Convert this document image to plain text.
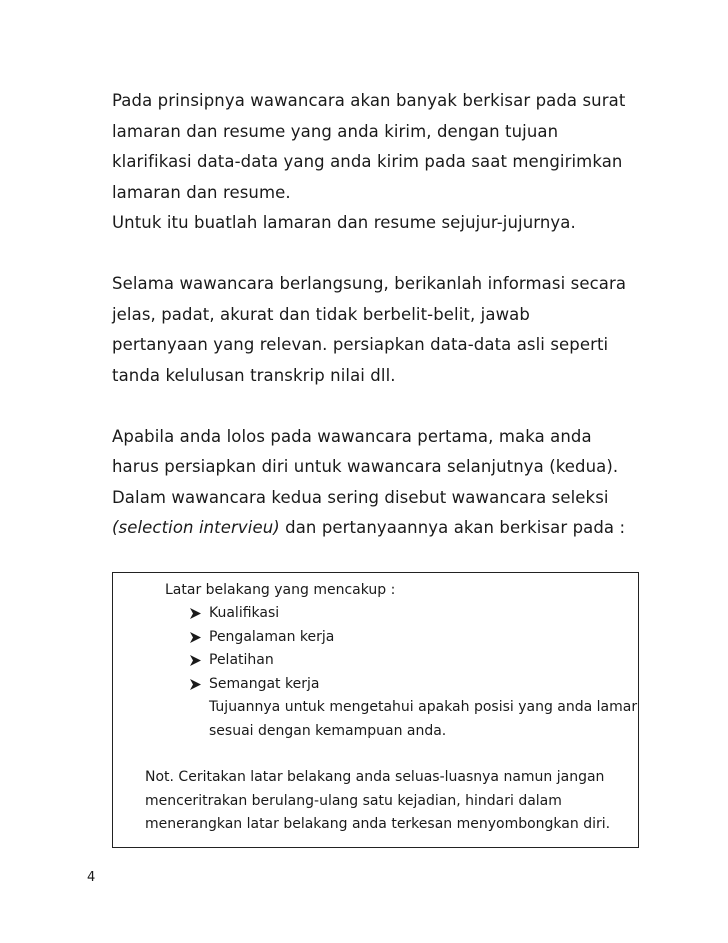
Pada prinsipnya wawancara akan banyak berkisar pada surat
lamaran dan resume yang anda kirim, dengan tujuan
klarifikasi data-data yang anda kirim pada saat mengirimkan
lamaran dan resume.
Untuk itu buatlah lamaran dan resume sejujur-jujurnya.
Selama wawancara berlangsung, berikanlah informasi secara
jelas, padat, akurat dan tidak berbelit-belit, jawab
pertanyaan yang relevan. persiapkan data-data asli seperti
tanda kelulusan transkrip nilai dll.
Apabila anda lolos pada wawancara pertama, maka anda
harus persiapkan diri untuk wawancara selanjutnya (kedua).
Dalam wawancara kedua sering disebut wawancara seleksi
(selection intervieu) dan pertanyaannya akan berkisar pada :
Latar belakang yang mencakup :
Kualifikasi
Pengalaman kerja
Pelatihan
Semangat kerja
Tujuannya untuk mengetahui apakah posisi yang anda lamar
sesuai dengan kemampuan anda.
Not. Ceritakan latar belakang anda seluas-luasnya namun jangan
menceritrakan berulang-ulang satu kejadian, hindari dalam
menerangkan latar belakang anda terkesan menyombongkan diri.
4
